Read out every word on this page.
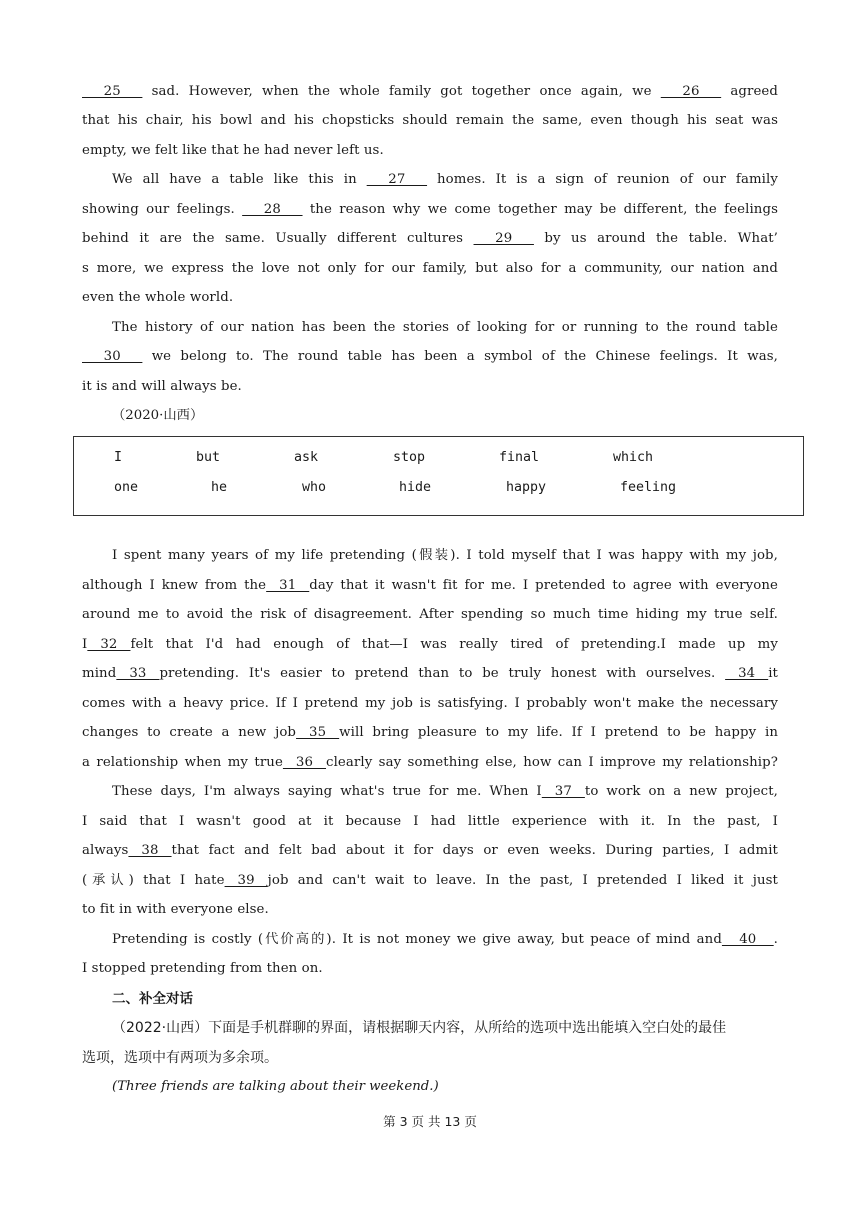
25      sad. However, when the whole family got together once again, we      26      agreed
that his chair, his bowl and his chopsticks should remain the same, even though his seat was
empty, we felt like that he had never left us.
We all have a table like this in      27      homes. It is a sign of reunion of our family
showing our feelings.      28      the reason why we come together may be different, the feelings
behind it are the same. Usually different cultures      29      by us around the table. What’
s more, we express the love not only for our family, but also for a community, our nation and
even the whole world.
The history of our nation has been the stories of looking for or running to the round table
30      we belong to. The round table has been a symbol of the Chinese feelings. It was,
it is and will always be.
（2020·山西）
I	but	ask	stop	final	which
one	he	who	hide	happy	feeling
I spent many years of my life pretending (假装). I told myself that I was happy with my job,
although I knew from the   31   day that it wasn't fit for me. I pretended to agree with everyone
around me to avoid the risk of disagreement. After spending so much time hiding my true self.
I   32   felt that I'd had enough of that—I was really tired of pretending.I made up my
mind   33   pretending. It's easier to pretend than to be truly honest with ourselves.    34   it
comes with a heavy price. If I pretend my job is satisfying. I probably won't make the necessary
changes to create a new job   35   will bring pleasure to my life. If I pretend to be happy in
a relationship when my true   36   clearly say something else, how can I improve my relationship?
These days, I'm always saying what's true for me. When I   37   to work on a new project,
I said that I wasn't good at it because I had little experience with it. In the past, I
always   38   that fact and felt bad about it for days or even weeks. During parties, I admit
(承认) that I hate   39   job and can't wait to leave. In the past, I pretended I liked it just
to fit in with everyone else.
Pretending is costly (代价高的). It is not money we give away, but peace of mind and    40    .
I stopped pretending from then on.
二、补全对话
（2022·山西）下面是手机群聊的界面，请根据聊天内容，从所给的选项中选出能填入空白处的最佳
选项，选项中有两项为多余项。
(Three friends are talking about their weekend.)
第 3 页 共 13 页
